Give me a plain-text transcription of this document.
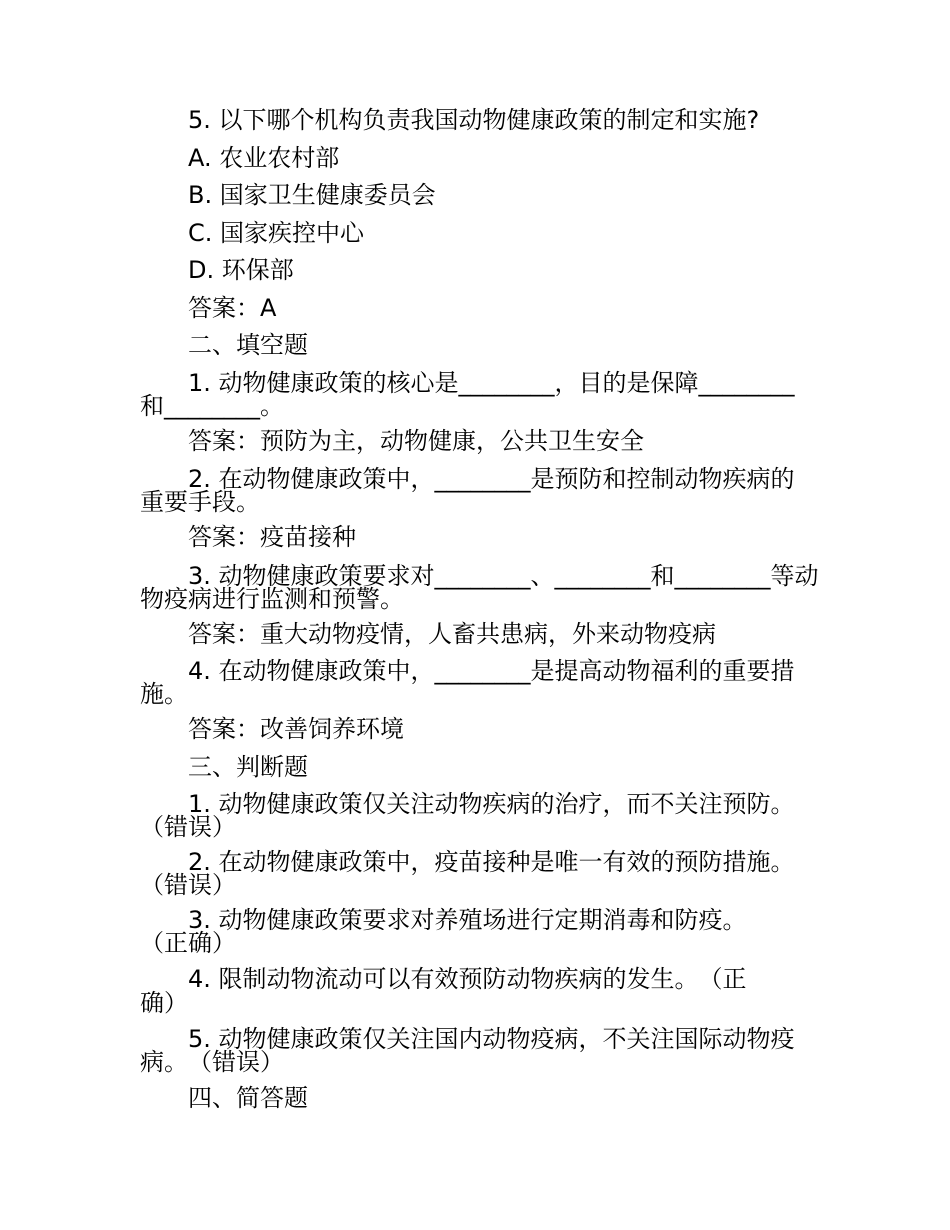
5. 以下哪个机构负责我国动物健康政策的制定和实施?
A. 农业农村部
B. 国家卫生健康委员会
C. 国家疾控中心
D. 环保部
答案：A
二、填空题
1. 动物健康政策的核心是________，目的是保障________
和________。
答案：预防为主，动物健康，公共卫生安全
2. 在动物健康政策中，________是预防和控制动物疾病的
重要手段。
答案：疫苗接种
3. 动物健康政策要求对________、________和________等动
物疫病进行监测和预警。
答案：重大动物疫情，人畜共患病，外来动物疫病
4. 在动物健康政策中，________是提高动物福利的重要措
施。
答案：改善饲养环境
三、判断题
1. 动物健康政策仅关注动物疾病的治疗，而不关注预防。
（错误）
2. 在动物健康政策中，疫苗接种是唯一有效的预防措施。
（错误）
3. 动物健康政策要求对养殖场进行定期消毒和防疫。
（正确）
4. 限制动物流动可以有效预防动物疾病的发生。　（正
确）
5. 动物健康政策仅关注国内动物疫病，不关注国际动物疫
病。　（错误）
四、简答题
